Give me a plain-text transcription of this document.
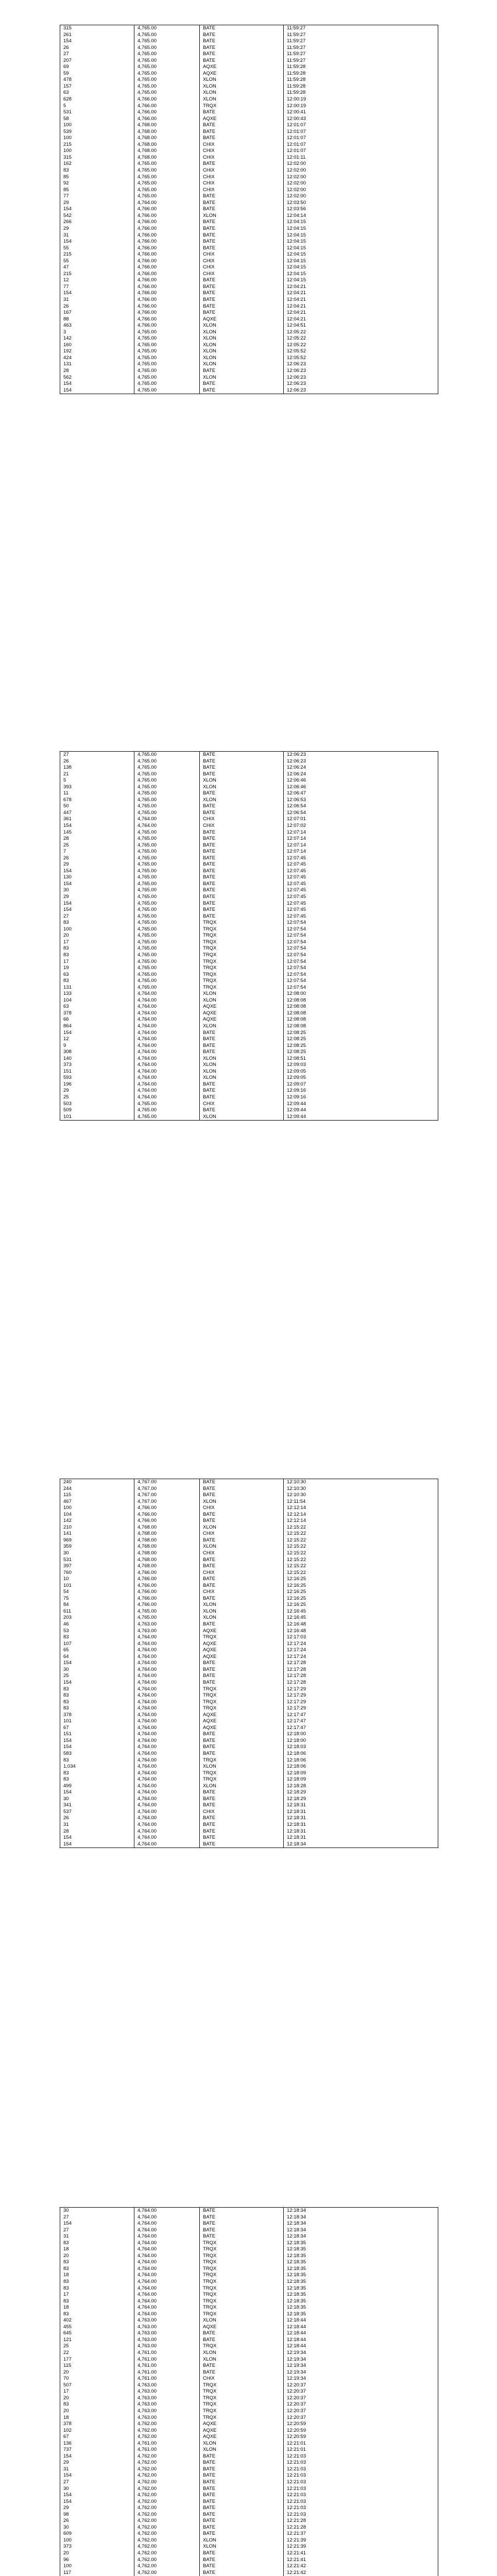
315	4,765.00	BATE	11:59:27
261	4,765.00	BATE	11:59:27
154	4,765.00	BATE	11:59:27
26	4,765.00	BATE	11:59:27
27	4,765.00	BATE	11:59:27
207	4,765.00	BATE	11:59:27
69	4,765.00	AQXE	11:59:28
59	4,765.00	AQXE	11:59:28
478	4,765.00	XLON	11:59:28
157	4,765.00	XLON	11:59:28
63	4,765.00	XLON	11:59:28
628	4,766.00	XLON	12:00:19
5	4,766.00	TRQX	12:00:19
531	4,766.00	BATE	12:00:41
58	4,766.00	AQXE	12:00:43
100	4,768.00	BATE	12:01:07
539	4,768.00	BATE	12:01:07
100	4,768.00	BATE	12:01:07
215	4,768.00	CHIX	12:01:07
100	4,768.00	CHIX	12:01:07
315	4,768.00	CHIX	12:01:11
162	4,765.00	BATE	12:02:00
83	4,765.00	CHIX	12:02:00
85	4,765.00	CHIX	12:02:00
92	4,765.00	CHIX	12:02:00
85	4,765.00	CHIX	12:02:00
77	4,765.00	BATE	12:02:00
29	4,764.00	BATE	12:03:50
154	4,766.00	BATE	12:03:56
542	4,766.00	XLON	12:04:14
266	4,766.00	BATE	12:04:15
29	4,766.00	BATE	12:04:15
31	4,766.00	BATE	12:04:15
154	4,766.00	BATE	12:04:15
55	4,766.00	BATE	12:04:15
215	4,766.00	CHIX	12:04:15
55	4,766.00	CHIX	12:04:15
47	4,766.00	CHIX	12:04:15
215	4,766.00	CHIX	12:04:15
12	4,766.00	BATE	12:04:15
77	4,766.00	BATE	12:04:21
154	4,766.00	BATE	12:04:21
31	4,766.00	BATE	12:04:21
26	4,766.00	BATE	12:04:21
167	4,766.00	BATE	12:04:21
88	4,766.00	AQXE	12:04:21
463	4,766.00	XLON	12:04:51
3	4,765.00	XLON	12:05:22
142	4,765.00	XLON	12:05:22
160	4,765.00	XLON	12:05:22
192	4,765.00	XLON	12:05:52
424	4,765.00	XLON	12:05:52
131	4,765.00	XLON	12:06:23
28	4,765.00	BATE	12:06:23
562	4,765.00	XLON	12:06:23
154	4,765.00	BATE	12:06:23
154	4,765.00	BATE	12:06:23
27	4,765.00	BATE	12:06:23
26	4,765.00	BATE	12:06:23
138	4,765.00	BATE	12:06:24
21	4,765.00	BATE	12:06:24
5	4,765.00	XLON	12:06:46
393	4,765.00	XLON	12:06:46
11	4,765.00	BATE	12:06:47
678	4,765.00	XLON	12:06:53
50	4,765.00	BATE	12:06:54
447	4,765.00	BATE	12:06:54
361	4,764.00	CHIX	12:07:01
154	4,764.00	CHIX	12:07:02
145	4,765.00	BATE	12:07:14
28	4,765.00	BATE	12:07:14
25	4,765.00	BATE	12:07:14
7	4,765.00	BATE	12:07:14
26	4,765.00	BATE	12:07:45
29	4,765.00	BATE	12:07:45
154	4,765.00	BATE	12:07:45
130	4,765.00	BATE	12:07:45
154	4,765.00	BATE	12:07:45
30	4,765.00	BATE	12:07:45
29	4,765.00	BATE	12:07:45
154	4,765.00	BATE	12:07:45
154	4,765.00	BATE	12:07:45
27	4,765.00	BATE	12:07:45
83	4,765.00	TRQX	12:07:54
100	4,765.00	TRQX	12:07:54
20	4,765.00	TRQX	12:07:54
17	4,765.00	TRQX	12:07:54
83	4,765.00	TRQX	12:07:54
83	4,765.00	TRQX	12:07:54
17	4,765.00	TRQX	12:07:54
19	4,765.00	TRQX	12:07:54
63	4,765.00	TRQX	12:07:54
83	4,765.00	TRQX	12:07:54
131	4,765.00	TRQX	12:07:54
133	4,764.00	XLON	12:08:00
104	4,764.00	XLON	12:08:08
63	4,764.00	AQXE	12:08:08
378	4,764.00	AQXE	12:08:08
66	4,764.00	AQXE	12:08:08
864	4,764.00	XLON	12:08:08
154	4,764.00	BATE	12:08:25
12	4,764.00	BATE	12:08:25
9	4,764.00	BATE	12:08:25
308	4,764.00	BATE	12:08:25
140	4,764.00	XLON	12:08:51
373	4,764.00	XLON	12:09:03
151	4,764.00	XLON	12:09:05
593	4,764.00	XLON	12:09:05
196	4,764.00	BATE	12:09:07
29	4,764.00	BATE	12:09:16
25	4,764.00	BATE	12:09:16
503	4,765.00	CHIX	12:09:44
509	4,765.00	BATE	12:09:44
101	4,765.00	XLON	12:09:44
240	4,767.00	BATE	12:10:30
244	4,767.00	BATE	12:10:30
115	4,767.00	BATE	12:10:30
467	4,767.00	XLON	12:11:54
100	4,766.00	CHIX	12:12:14
104	4,766.00	BATE	12:12:14
142	4,766.00	BATE	12:12:14
210	4,768.00	XLON	12:15:22
141	4,768.00	CHIX	12:15:22
969	4,768.00	BATE	12:15:22
359	4,768.00	XLON	12:15:22
30	4,768.00	CHIX	12:15:22
531	4,768.00	BATE	12:15:22
397	4,768.00	BATE	12:15:22
760	4,766.00	CHIX	12:15:22
10	4,766.00	BATE	12:16:25
101	4,766.00	BATE	12:16:25
54	4,766.00	CHIX	12:16:25
75	4,766.00	BATE	12:16:25
84	4,766.00	XLON	12:16:25
611	4,765.00	XLON	12:16:45
203	4,765.00	XLON	12:16:45
46	4,763.00	BATE	12:16:48
53	4,763.00	AQXE	12:16:48
83	4,764.00	TRQX	12:17:03
107	4,764.00	AQXE	12:17:24
65	4,764.00	AQXE	12:17:24
64	4,764.00	AQXE	12:17:24
154	4,764.00	BATE	12:17:28
30	4,764.00	BATE	12:17:28
25	4,764.00	BATE	12:17:28
154	4,764.00	BATE	12:17:28
83	4,764.00	TRQX	12:17:29
83	4,764.00	TRQX	12:17:29
83	4,764.00	TRQX	12:17:29
83	4,764.00	TRQX	12:17:29
378	4,764.00	AQXE	12:17:47
101	4,764.00	AQXE	12:17:47
67	4,764.00	AQXE	12:17:47
151	4,764.00	BATE	12:18:00
154	4,764.00	BATE	12:18:00
154	4,764.00	BATE	12:18:03
583	4,764.00	BATE	12:18:06
83	4,764.00	TRQX	12:18:06
1,034	4,764.00	XLON	12:18:06
83	4,764.00	TRQX	12:18:09
83	4,764.00	TRQX	12:18:09
499	4,764.00	XLON	12:18:28
154	4,764.00	BATE	12:18:29
30	4,764.00	BATE	12:18:29
341	4,764.00	BATE	12:18:31
537	4,764.00	CHIX	12:18:31
26	4,764.00	BATE	12:18:31
31	4,764.00	BATE	12:18:31
28	4,764.00	BATE	12:18:31
154	4,764.00	BATE	12:18:31
154	4,764.00	BATE	12:18:34
30	4,764.00	BATE	12:18:34
27	4,764.00	BATE	12:18:34
154	4,764.00	BATE	12:18:34
27	4,764.00	BATE	12:18:34
31	4,764.00	BATE	12:18:34
83	4,764.00	TRQX	12:18:35
18	4,764.00	TRQX	12:18:35
20	4,764.00	TRQX	12:18:35
83	4,764.00	TRQX	12:18:35
83	4,764.00	TRQX	12:18:35
18	4,764.00	TRQX	12:18:35
83	4,764.00	TRQX	12:18:35
83	4,764.00	TRQX	12:18:35
17	4,764.00	TRQX	12:18:35
83	4,764.00	TRQX	12:18:35
18	4,764.00	TRQX	12:18:35
83	4,764.00	TRQX	12:18:35
402	4,763.00	XLON	12:18:44
455	4,763.00	AQXE	12:18:44
645	4,763.00	BATE	12:18:44
121	4,763.00	BATE	12:18:44
25	4,763.00	TRQX	12:18:44
22	4,761.00	XLON	12:19:34
177	4,761.00	XLON	12:19:34
115	4,761.00	BATE	12:19:34
20	4,761.00	BATE	12:19:34
70	4,761.00	CHIX	12:19:34
507	4,763.00	TRQX	12:20:37
17	4,763.00	TRQX	12:20:37
20	4,763.00	TRQX	12:20:37
83	4,763.00	TRQX	12:20:37
20	4,763.00	TRQX	12:20:37
18	4,763.00	TRQX	12:20:37
378	4,762.00	AQXE	12:20:59
102	4,762.00	AQXE	12:20:59
67	4,762.00	AQXE	12:20:59
136	4,761.00	XLON	12:21:01
737	4,761.00	XLON	12:21:01
154	4,762.00	BATE	12:21:03
29	4,762.00	BATE	12:21:03
31	4,762.00	BATE	12:21:03
154	4,762.00	BATE	12:21:03
27	4,762.00	BATE	12:21:03
30	4,762.00	BATE	12:21:03
154	4,762.00	BATE	12:21:03
154	4,762.00	BATE	12:21:03
29	4,762.00	BATE	12:21:03
98	4,762.00	BATE	12:21:03
26	4,762.00	BATE	12:21:28
30	4,762.00	BATE	12:21:28
609	4,762.00	BATE	12:21:37
100	4,762.00	XLON	12:21:39
373	4,762.00	XLON	12:21:39
20	4,762.00	BATE	12:21:41
96	4,762.00	BATE	12:21:41
100	4,762.00	BATE	12:21:42
117	4,762.00	BATE	12:21:42
